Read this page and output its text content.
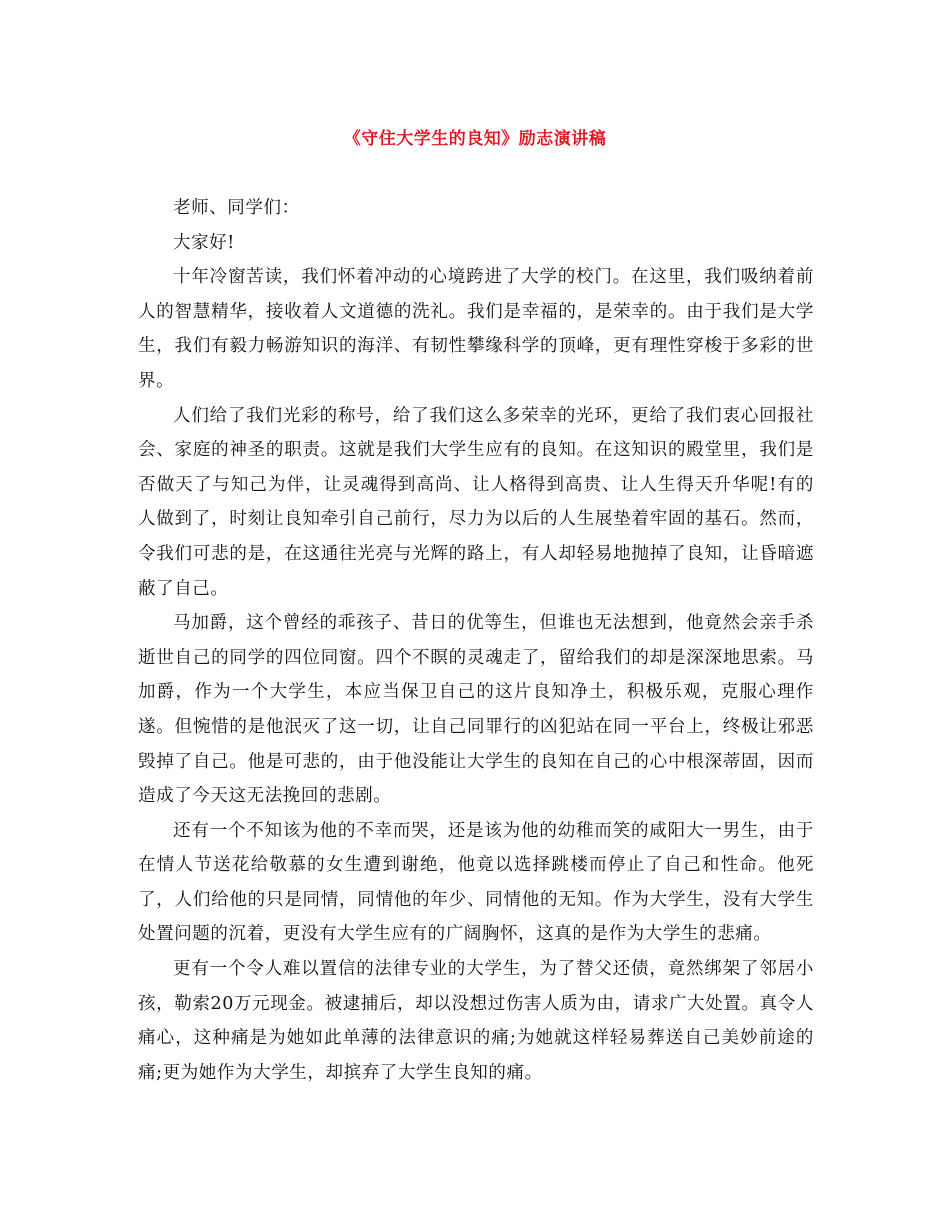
《守住大学生的良知》励志演讲稿

老师、同学们：

大家好!

十年冷窗苦读，我们怀着冲动的心境跨进了大学的校门。在这里，我们吸纳着前人的智慧精华，接收着人文道德的洗礼。我们是幸福的，是荣幸的。由于我们是大学生，我们有毅力畅游知识的海洋、有韧性攀缘科学的顶峰，更有理性穿梭于多彩的世界。

人们给了我们光彩的称号，给了我们这么多荣幸的光环，更给了我们衷心回报社会、家庭的神圣的职责。这就是我们大学生应有的良知。在这知识的殿堂里，我们是否做天了与知己为伴，让灵魂得到高尚、让人格得到高贵、让人生得天升华呢!有的人做到了，时刻让良知牵引自己前行，尽力为以后的人生展垫着牢固的基石。然而，令我们可悲的是，在这通往光亮与光辉的路上，有人却轻易地抛掉了良知，让昏暗遮蔽了自己。

马加爵，这个曾经的乖孩子、昔日的优等生，但谁也无法想到，他竟然会亲手杀逝世自己的同学的四位同窗。四个不瞑的灵魂走了，留给我们的却是深深地思索。马加爵，作为一个大学生，本应当保卫自己的这片良知净土，积极乐观，克服心理作遂。但惋惜的是他泯灭了这一切，让自己同罪行的凶犯站在同一平台上，终极让邪恶毁掉了自己。他是可悲的，由于他没能让大学生的良知在自己的心中根深蒂固，因而造成了今天这无法挽回的悲剧。

还有一个不知该为他的不幸而哭，还是该为他的幼稚而笑的咸阳大一男生，由于在情人节送花给敬慕的女生遭到谢绝，他竟以选择跳楼而停止了自己和性命。他死了，人们给他的只是同情，同情他的年少、同情他的无知。作为大学生，没有大学生处置问题的沉着，更没有大学生应有的广阔胸怀，这真的是作为大学生的悲痛。

更有一个令人难以置信的法律专业的大学生，为了替父还债，竟然绑架了邻居小孩，勒索20万元现金。被逮捕后，却以没想过伤害人质为由，请求广大处置。真令人痛心，这种痛是为她如此单薄的法律意识的痛;为她就这样轻易葬送自己美妙前途的痛;更为她作为大学生，却摈弃了大学生良知的痛。
